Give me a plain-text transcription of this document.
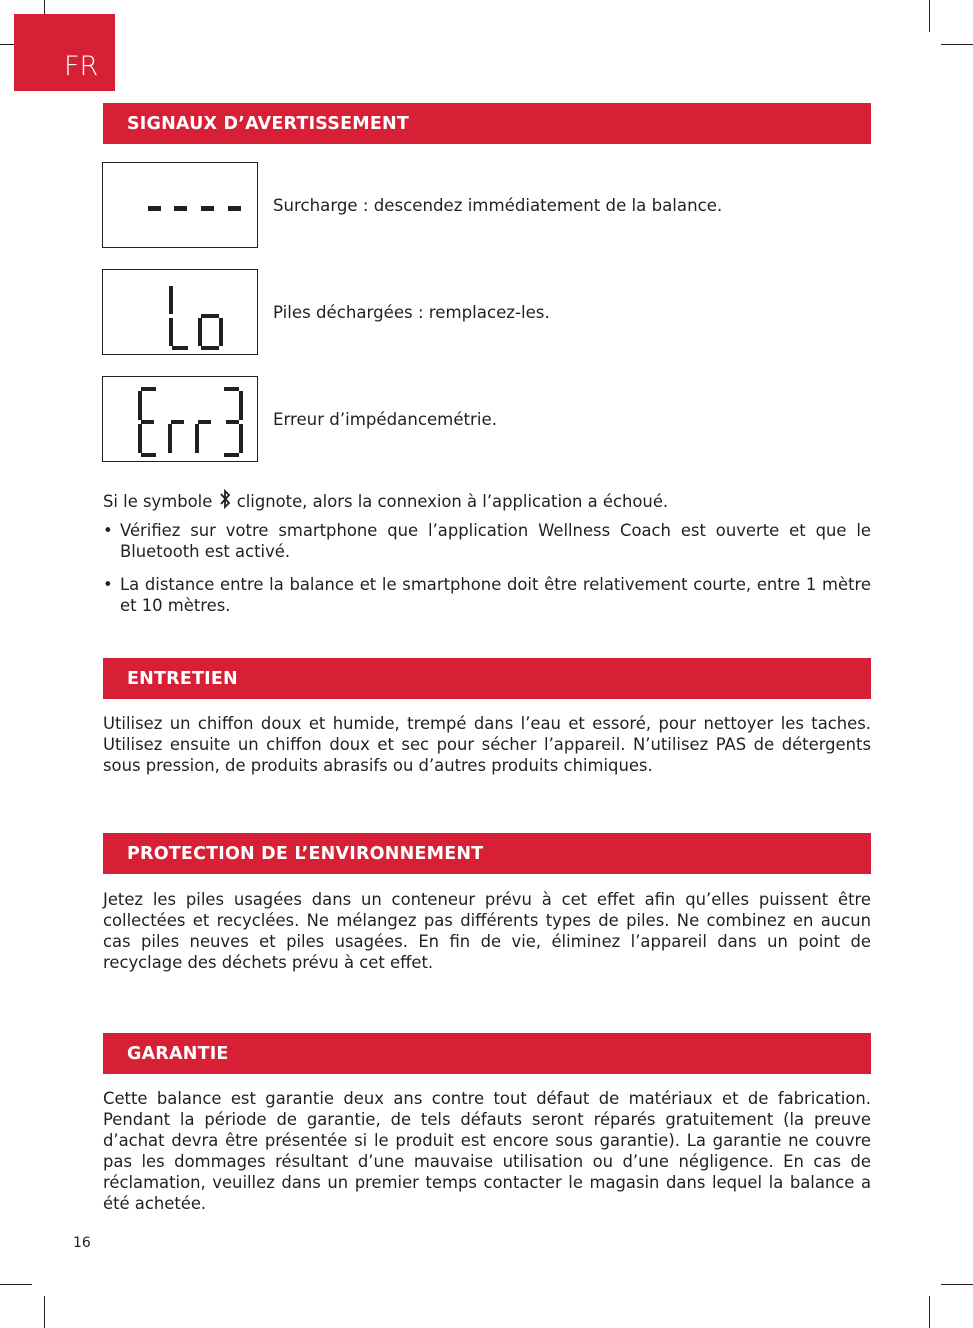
FR
SIGNAUX D’AVERTISSEMENT
Surcharge : descendez immédiatement de la balance.
Piles déchargées : remplacez-les.
Erreur d’impédancemétrie.
Si le symbole clignote, alors la connexion à l’application a échoué.
• Vérifiez sur votre smartphone que l’application Wellness Coach est ouverte et que le Bluetooth est activé.
• La distance entre la balance et le smartphone doit être relativement courte, entre 1 mètre et 10 mètres.
ENTRETIEN
Utilisez un chiffon doux et humide, trempé dans l’eau et essoré, pour nettoyer les taches. Utilisez ensuite un chiffon doux et sec pour sécher l’appareil. N’utilisez PAS de détergents sous pression, de produits abrasifs ou d’autres produits chimiques.
PROTECTION DE L’ENVIRONNEMENT
Jetez les piles usagées dans un conteneur prévu à cet effet afin qu’elles puissent être collectées et recyclées. Ne mélangez pas différents types de piles. Ne combinez en aucun cas piles neuves et piles usagées. En fin de vie, éliminez l’appareil dans un point de recyclage des déchets prévu à cet effet.
GARANTIE
Cette balance est garantie deux ans contre tout défaut de matériaux et de fabrication. Pendant la période de garantie, de tels défauts seront réparés gratuitement (la preuve d’achat devra être présentée si le produit est encore sous garantie). La garantie ne couvre pas les dommages résultant d’une mauvaise utilisation ou d’une négligence. En cas de réclamation, veuillez dans un premier temps contacter le magasin dans lequel la balance a été achetée.
16
